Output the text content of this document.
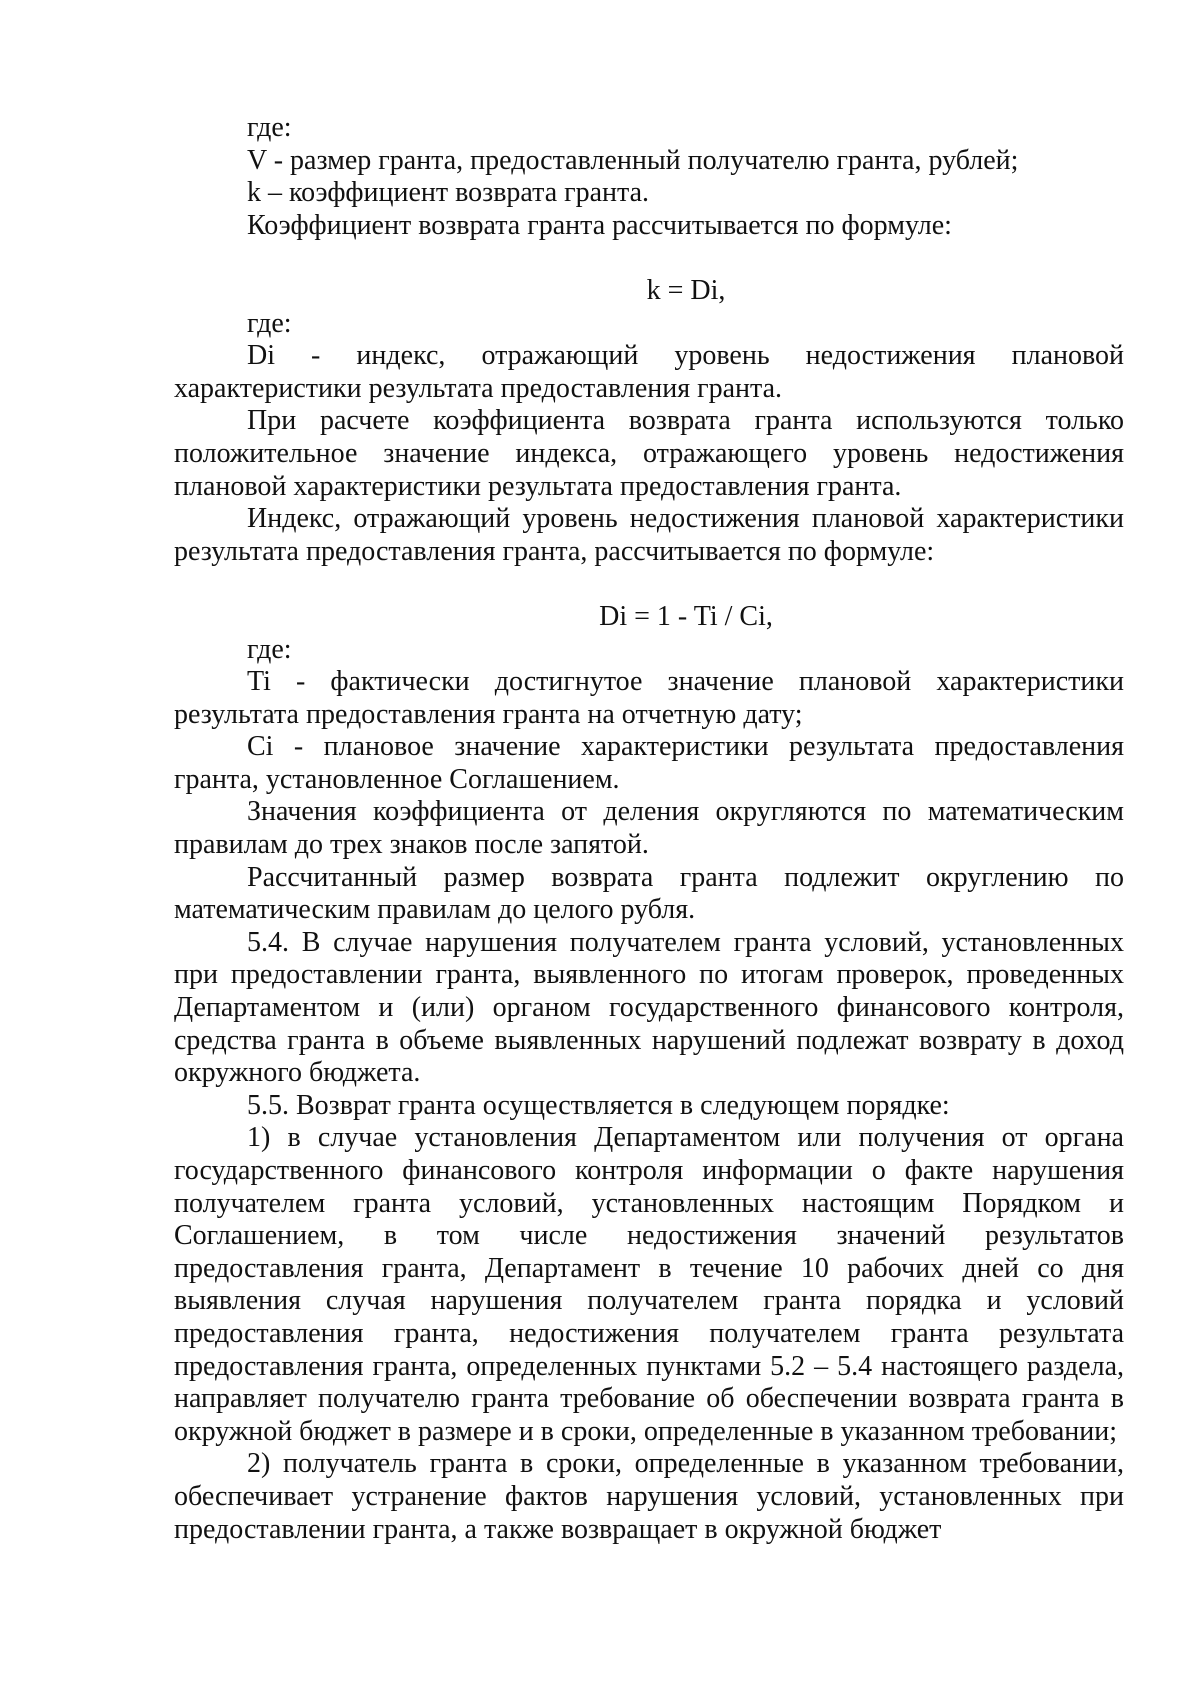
где:

V - размер гранта, предоставленный получателю гранта, рублей;

k – коэффициент возврата гранта.

Коэффициент возврата гранта рассчитывается по формуле:

k = Di,

где:

Di - индекс, отражающий уровень недостижения плановой характеристики результата предоставления гранта.

При расчете коэффициента возврата гранта используются только положительное значение индекса, отражающего уровень недостижения плановой характеристики результата предоставления гранта.

Индекс, отражающий уровень недостижения плановой характеристики результата предоставления гранта, рассчитывается по формуле:

Di = 1 - Ti / Ci,

где:

Ti - фактически достигнутое значение плановой характеристики результата предоставления гранта на отчетную дату;

Ci - плановое значение характеристики результата предоставления гранта, установленное Соглашением.

Значения коэффициента от деления округляются по математическим правилам до трех знаков после запятой.

Рассчитанный размер возврата гранта подлежит округлению по математическим правилам до целого рубля.

5.4. В случае нарушения получателем гранта условий, установленных при предоставлении гранта, выявленного по итогам проверок, проведенных Департаментом и (или) органом государственного финансового контроля, средства гранта в объеме выявленных нарушений подлежат возврату в доход окружного бюджета.

5.5. Возврат гранта осуществляется в следующем порядке:

1) в случае установления Департаментом или получения от органа государственного финансового контроля информации о факте нарушения получателем гранта условий, установленных настоящим Порядком и Соглашением, в том числе недостижения значений результатов предоставления гранта, Департамент в течение 10 рабочих дней со дня выявления случая нарушения получателем гранта порядка и условий предоставления гранта, недостижения получателем гранта результата предоставления гранта, определенных пунктами 5.2 – 5.4 настоящего раздела, направляет получателю гранта требование об обеспечении возврата гранта в окружной бюджет в размере и в сроки, определенные в указанном требовании;

2) получатель гранта в сроки, определенные в указанном требовании, обеспечивает устранение фактов нарушения условий, установленных при предоставлении гранта, а также возвращает в окружной бюджет
